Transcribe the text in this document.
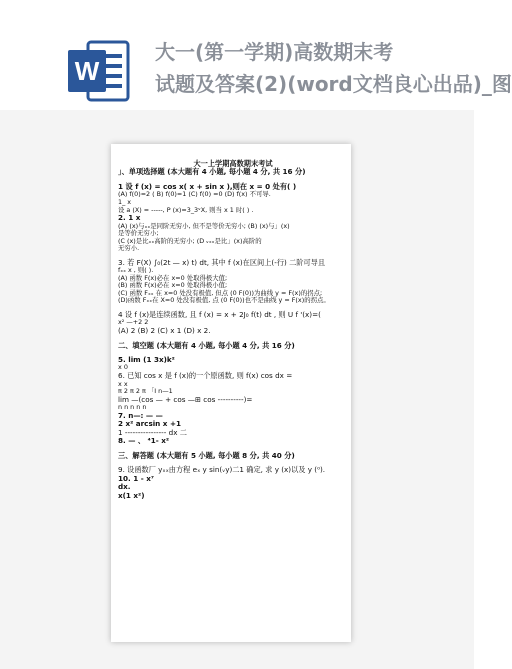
W
大一(第一学期)高数期末考
试题及答案(2)(word文档良心出品)_图
大一上学期高数期末考试
」、单项选择题 (本大题有 4 小题, 每小题 4 分, 共 16 分)
1 设 f (x) = cos x( x + sin x ),则在 x = 0 处有( )
(A) f(0)=2 ( B) f(0)=1 (C) f(0) =0 (D) f(x) 不可导.
1_ x
设 a (X) = -----, P (x)=3_3ᵛX, 则当 x 1 时( ) .
2. 1 x
(A) (x)与ₓₓ是同阶无穷小, 但不是等价无穷小; (B) (x)与」(x)
是等价无穷小;
(C (x)是比ₓₓ高阶的无穷小; (D ᵥₓₓ是比」(x)高阶的
无穷小.
3. 若 F(X) ∫₀(2t — x) t) dt, 其中 f (x)在区间上(-行) 二阶可导且
fₓₓ x , 则( ).
(A) 函数 F(x)必在 x=0 处取得极大值;
(B) 函数 F(x)必在 x=0 处取得极小值;
(C) 函数 Fₓₓ 在 x=0 处没有极值, 但点 (0 F(0))为曲线 y = F(x)的拐点;
(D)函数 Fₓₓ在 X=0 处没有极值, 点 (0 F(0))也不是曲线 y = F(x)的拐点。
4 设 f (x)是连续函数, 且 f (x) = x + 2J₀ f(t) dt , 则 U f '(x)=(
x² —+2 2
(A) 2 (B) 2 (C) x 1 (D) x 2.
二、填空题 (本大题有 4 小题, 每小题 4 分, 共 16 分)
5. lim (1 3x)k²
x 0
6. 已知 cos x 是 f (x)的一个原函数, 则 f(x) cos dx =
x x
π 2 π 2 π 「I n—1
lim —(cos — + cos —⊞ cos ----------)=
n n n n n
7. n—: — —
2 x² arcsin x +1
1 ---------------- dx 二
8. — 、 ⁴1- x²
三、解答题 (本大题有 5 小题, 每小题 8 分, 共 40 分)
9. 设函数厂 yₓₓ由方程 eₓ y sin(ᵥy)二1 确定, 求 y (x)以及 y (⁰).
10. 1 - x⁷
dx.
x(1 x²)
